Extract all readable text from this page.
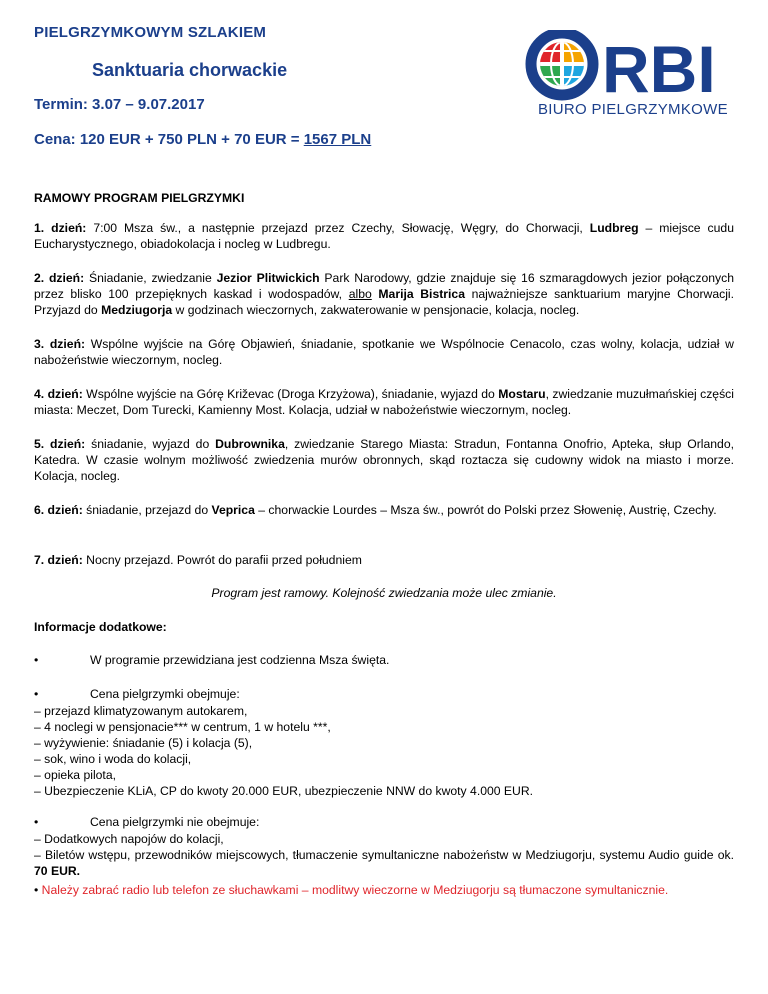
PIELGRZYMKOWYM SZLAKIEM
Sanktuaria chorwackie
Termin: 3.07 – 9.07.2017
Cena: 120 EUR + 750 PLN + 70 EUR = 1567 PLN
RBI
BIURO PIELGRZYMKOWE
RAMOWY PROGRAM PIELGRZYMKI

1. dzień: 7:00 Msza św., a następnie przejazd przez Czechy, Słowację, Węgry, do Chorwacji, Ludbreg – miejsce cudu Eucharystycznego, obiadokolacja i nocleg w Ludbregu.

2. dzień: Śniadanie, zwiedzanie Jezior Plitwickich Park Narodowy, gdzie znajduje się 16 szmaragdowych jezior połączonych przez blisko 100 przepięknych kaskad i wodospadów, albo Marija Bistrica najważniejsze sanktuarium maryjne Chorwacji. Przyjazd do Medziugorja w godzinach wieczornych, zakwaterowanie w pensjonacie, kolacja, nocleg.

3. dzień: Wspólne wyjście na Górę Objawień, śniadanie, spotkanie we Wspólnocie Cenacolo, czas wolny, kolacja, udział w nabożeństwie wieczornym, nocleg.

4. dzień: Wspólne wyjście na Górę Križevac (Droga Krzyżowa), śniadanie, wyjazd do Mostaru, zwiedzanie muzułmańskiej części miasta: Meczet, Dom Turecki, Kamienny Most. Kolacja, udział w nabożeństwie wieczornym, nocleg.

5. dzień: śniadanie, wyjazd do Dubrownika, zwiedzanie Starego Miasta: Stradun, Fontanna Onofrio, Apteka, słup Orlando, Katedra. W czasie wolnym możliwość zwiedzenia murów obronnych, skąd roztacza się cudowny widok na miasto i morze. Kolacja, nocleg.

6. dzień: śniadanie, przejazd do Veprica – chorwackie Lourdes – Msza św., powrót do Polski przez Słowenię, Austrię, Czechy.

7. dzień: Nocny przejazd. Powrót do parafii przed południem

Program jest ramowy. Kolejność zwiedzania może ulec zmianie.
Informacje dodatkowe:
•	W programie przewidziana jest codzienna Msza święta.
•	Cena pielgrzymki obejmuje:
– przejazd klimatyzowanym autokarem,
– 4 noclegi w pensjonacie*** w centrum, 1 w hotelu ***,
– wyżywienie: śniadanie (5) i kolacja (5),
– sok, wino i woda do kolacji,
– opieka pilota,
– Ubezpieczenie KLiA, CP do kwoty 20.000 EUR, ubezpieczenie NNW do kwoty 4.000 EUR.
•	Cena pielgrzymki nie obejmuje:
– Dodatkowych napojów do kolacji,
– Biletów wstępu, przewodników miejscowych, tłumaczenie symultaniczne nabożeństw w Medziugorju, systemu Audio guide ok. 70 EUR.
• Należy zabrać radio lub telefon ze słuchawkami – modlitwy wieczorne w Medziugorju są tłumaczone symultanicznie.
